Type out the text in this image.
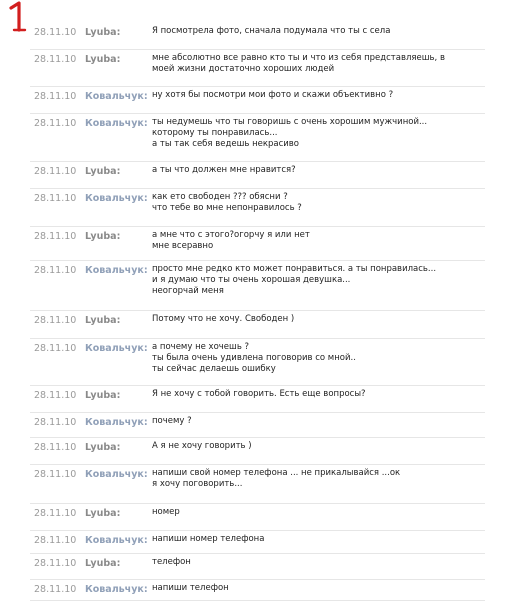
28.11.10 Lyuba:	Я посмотрела фото, сначала подумала что ты с села
28.11.10 Lyuba:	мне абсолютно все равно кто ты и что из себя представляешь, в
моей жизни достаточно хороших людей
28.11.10 Ковальчук: ну хотя бы посмотри мои фото и скажи объективно ?
28.11.10 Ковальчук: ты недумешь что ты говоришь с очень хорошим мужчиной...
которому ты понравилась...
а ты так себя ведешь некрасиво
28.11.10 Lyuba:	а ты что должен мне нравится?
28.11.10 Ковальчук: как ето свободен ??? обясни ?
что тебе во мне непонравилось ?
28.11.10 Lyuba:	а мне что с этого?огорчу я или нет
мне всеравно
28.11.10 Ковальчук: просто мне редко кто может понравиться. а ты понравилась...
и я думаю что ты очень хорошая девушка...
неогорчай меня
28.11.10 Lyuba:	Потому что не хочу. Свободен )
28.11.10 Ковальчук: а почему не хочешь ?
ты была очень удивлена поговорив со мной..
ты сейчас делаешь ошибку
28.11.10 Lyuba:	Я не хочу с тобой говорить. Есть еще вопросы?
28.11.10 Ковальчук: почему ?
28.11.10 Lyuba:	А я не хочу говорить )
28.11.10 Ковальчук: напиши свой номер телефона ... не прикалывайся ...ок
я хочу поговорить...
28.11.10 Lyuba:	номер
28.11.10 Ковальчук: напиши номер телефона
28.11.10 Lyuba:	телефон
28.11.10 Ковальчук: напиши телефон
